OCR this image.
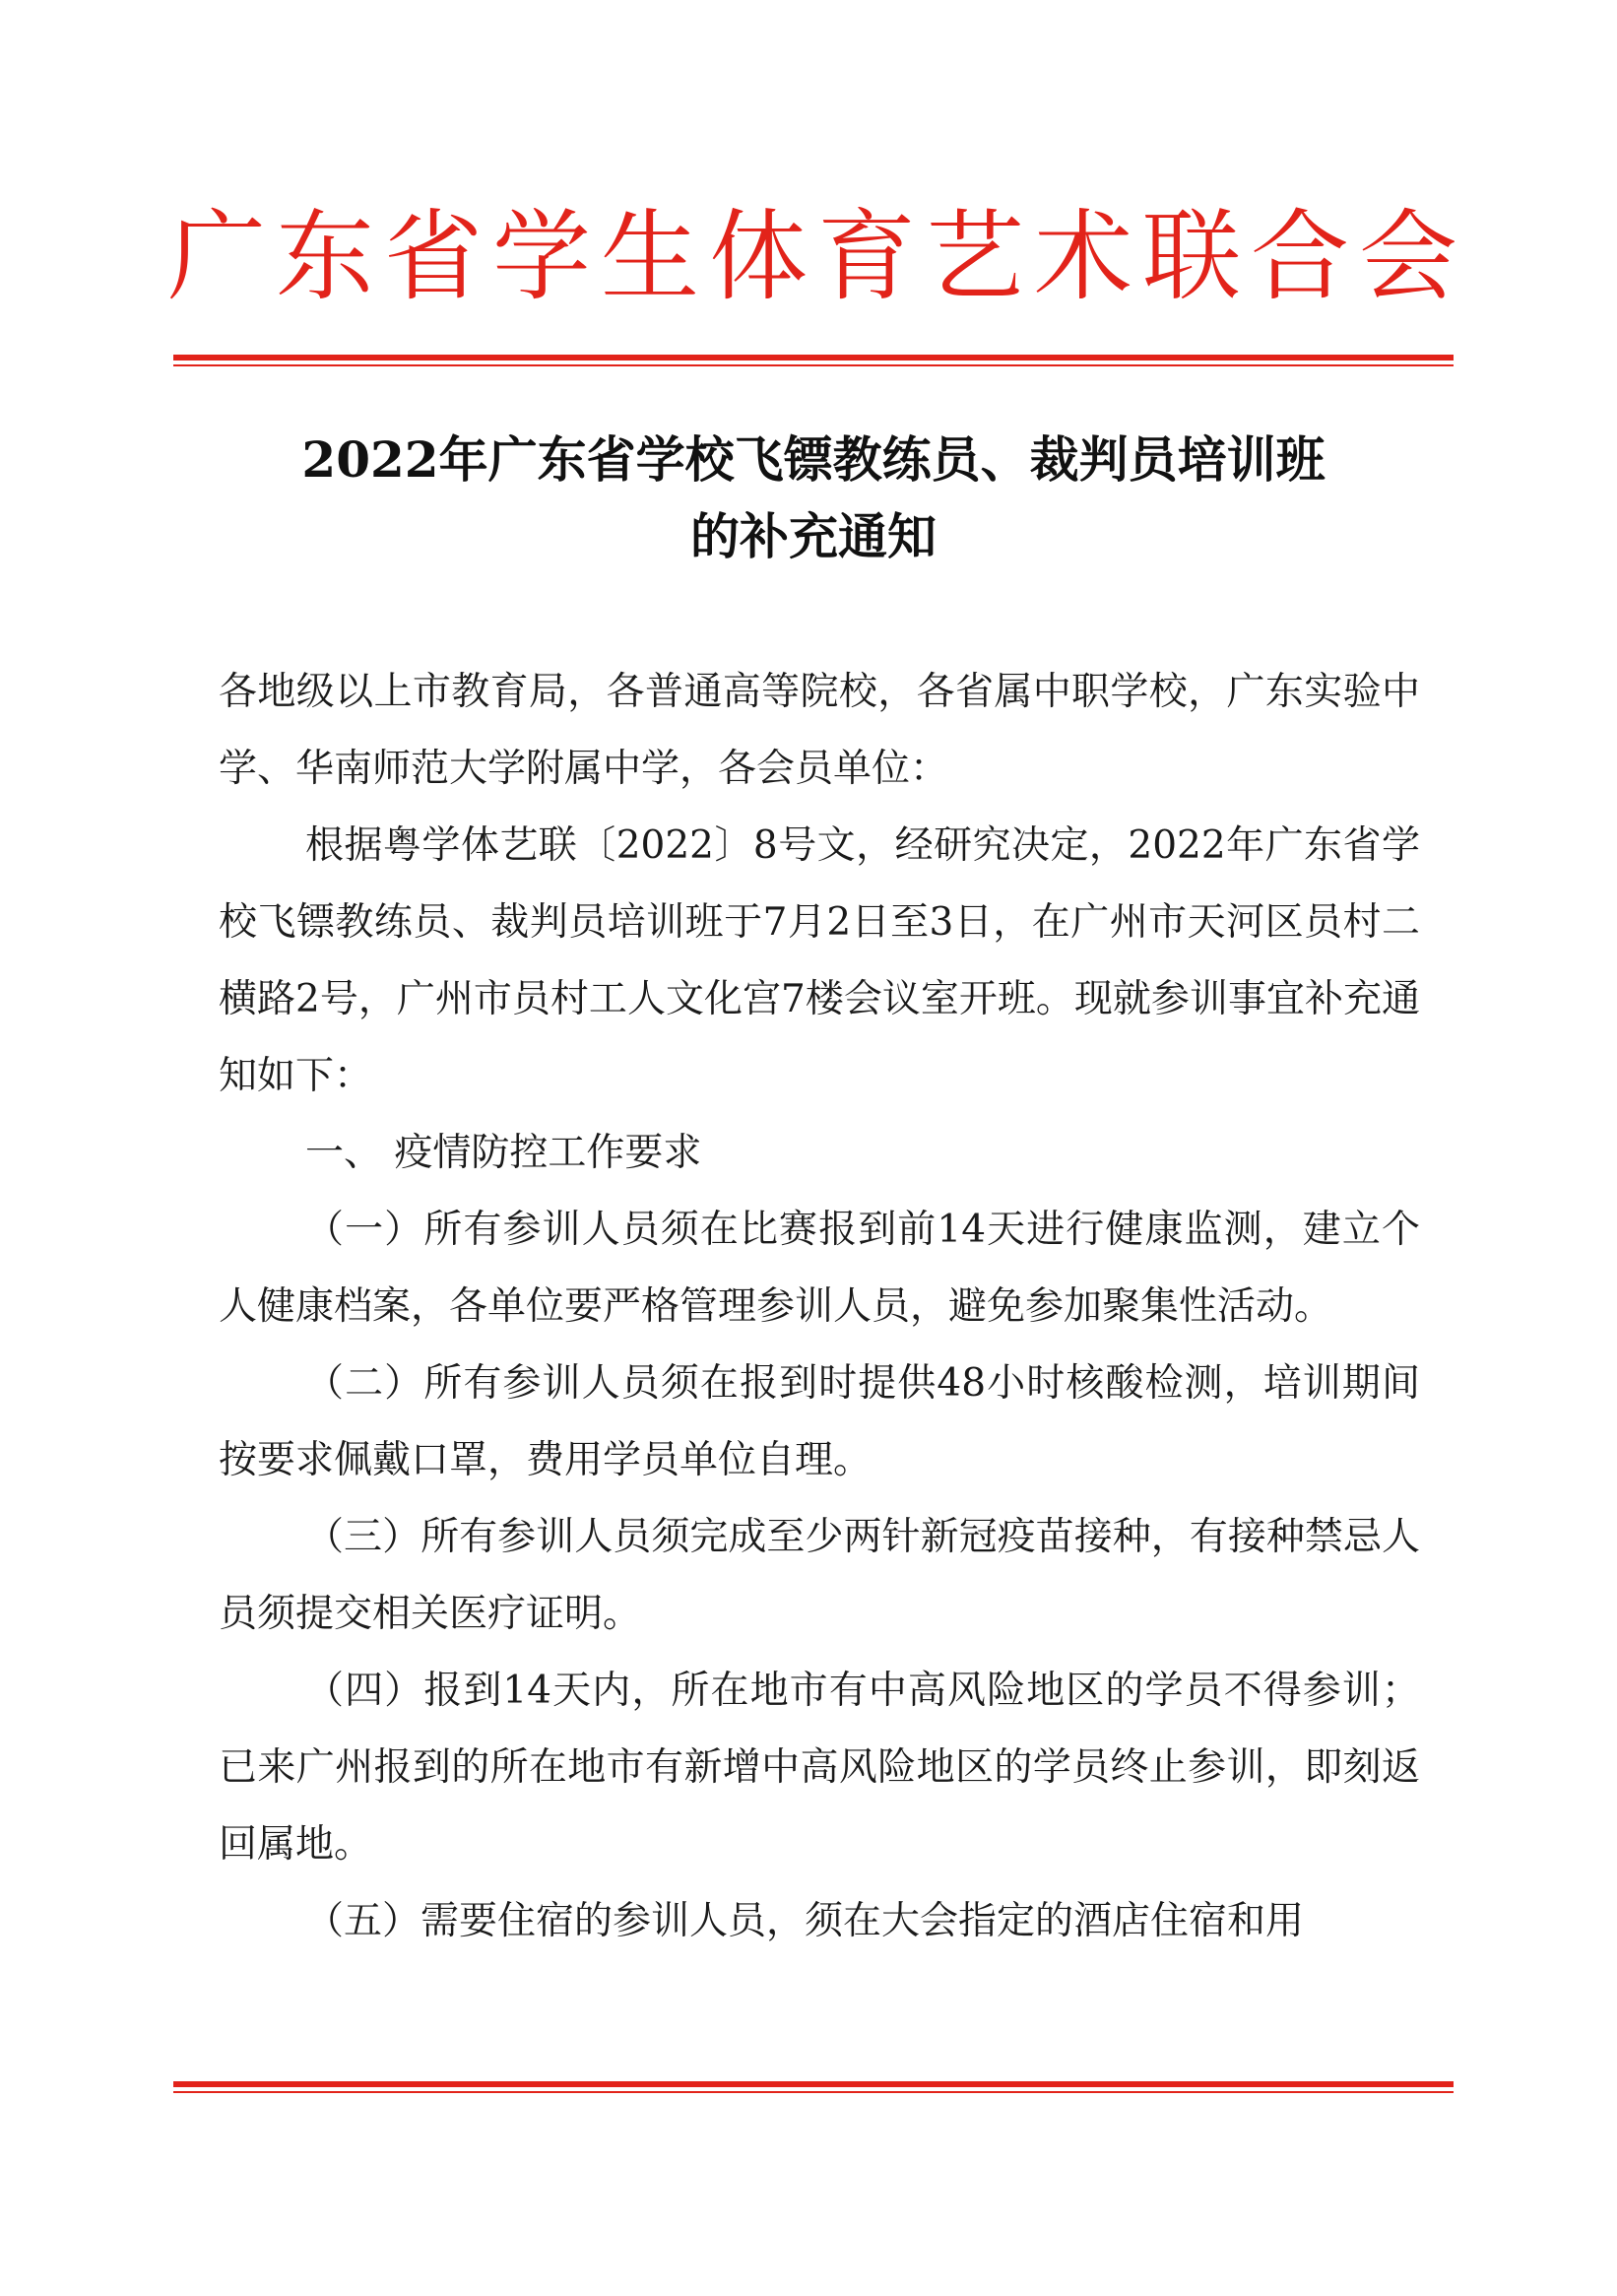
广东省学生体育艺术联合会
2022年广东省学校飞镖教练员、裁判员培训班
的补充通知

各地级以上市教育局，各普通高等院校，各省属中职学校，广东实验中学、华南师范大学附属中学，各会员单位：

根据粤学体艺联〔2022〕8号文，经研究决定，2022年广东省学校飞镖教练员、裁判员培训班于7月2日至3日，在广州市天河区员村二横路2号，广州市员村工人文化宫7楼会议室开班。现就参训事宜补充通知如下：

一、 疫情防控工作要求

（一）所有参训人员须在比赛报到前14天进行健康监测，建立个人健康档案，各单位要严格管理参训人员，避免参加聚集性活动。

（二）所有参训人员须在报到时提供48小时核酸检测，培训期间按要求佩戴口罩，费用学员单位自理。

（三）所有参训人员须完成至少两针新冠疫苗接种，有接种禁忌人员须提交相关医疗证明。

（四）报到14天内，所在地市有中高风险地区的学员不得参训；已来广州报到的所在地市有新增中高风险地区的学员终止参训，即刻返回属地。

（五）需要住宿的参训人员，须在大会指定的酒店住宿和用
